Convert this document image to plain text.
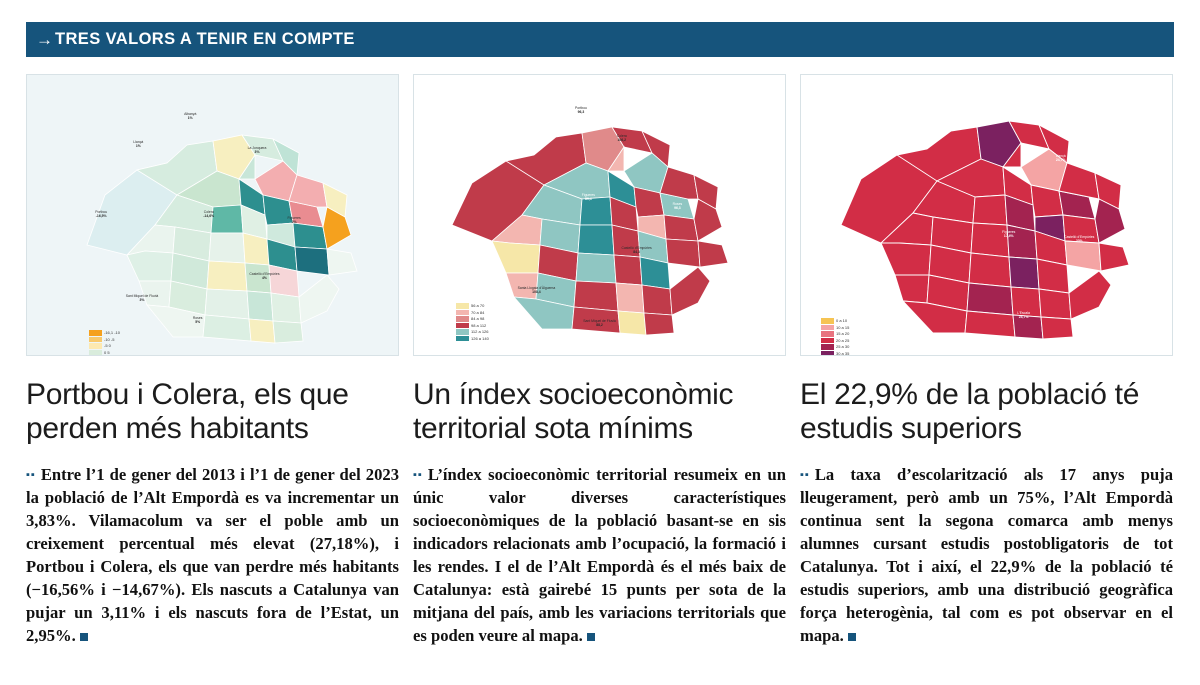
→ TRES VALORS A TENIR EN COMPTE
-16,1 -10
-10 -5
-5 0
0 5
Llançà
1%
Albanyà
1%
La Jonquera
3%
Portbou
-16,5%
Colera
-14,6%	Figueres
2%
Castelló d’Empúries
4%
Roses
5%
Sant Miquel de Fluvià
3%
Portbou i Colera, els que perden més habitants
▪▪ Entre l’1 de gener del 2013 i l’1 de gener del 2023 la població de l’Alt Empordà es va incrementar un 3,83%. Vilamacolum va ser el poble amb un creixement percentual més elevat (27,18%), i Portbou i Colera, els que van perdre més habitants (−16,56% i −14,67%). Els nascuts a Catalunya van pujar un 3,11% i els nascuts fora de l’Estat, un 2,95%.
56 a 70
70 a 84
84 a 98
98 a 112
112 a 126
126 a 140
La Jonquera
97,6
Portbou
96,3
Colera
106,2
Figueres
89,4
Roses
96,3
Castelló d’Empúries
84,3
Santa Llogaia d’Àlguema
108,4
Sant Miquel de Fluvià
88,2
Un índex socioeconòmic territorial sota mínims
▪▪ L’índex socioeconòmic territorial resumeix en un únic valor diverses característiques socioeconòmiques de la població basant-se en sis indicadors relacionats amb l’ocupació, la formació i les rendes. I el de l’Alt Empordà és el més baix de Catalunya: està gairebé 15 punts per sota de la mitjana del país, amb les variacions territorials que es poden veure al mapa.
0 a 10
10 a 15
15 a 20
20 a 25
25 a 30
30 a 35
La Jonquera
30,6%
Llançà
24,7%
Figueres
17,4%	Castelló d’Empúries
23%
Roses
21,4%
L’Escala
24,7%
El 22,9% de la població té estudis superiors
▪▪ La taxa d’escolarització als 17 anys puja lleugerament, però amb un 75%, l’Alt Empordà continua sent la segona comarca amb menys alumnes cursant estudis postobligatoris de tot Catalunya. Tot i així, el 22,9% de la població té estudis superiors, amb una distribució geogràfica força heterogènia, tal com es pot observar en el mapa.
